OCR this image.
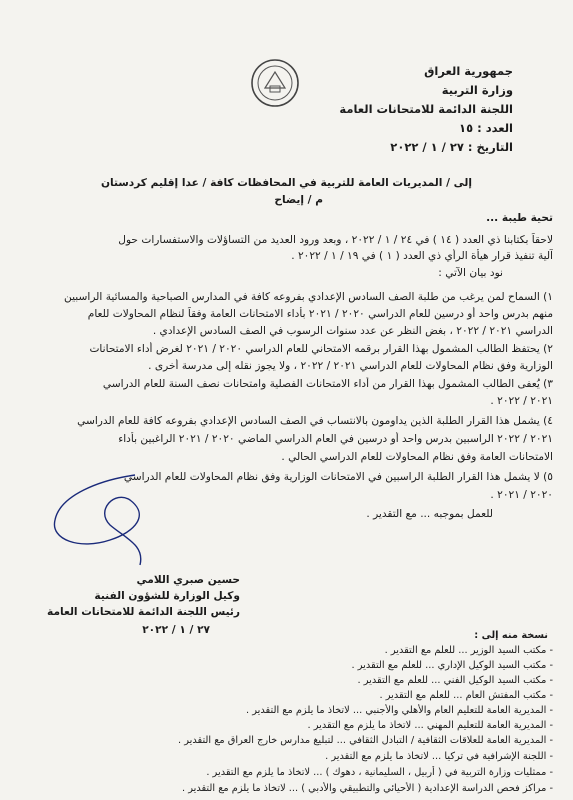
جمهورية العراق
وزارة التربية
اللجنة الدائمة للامتحانات العامة
العدد : ١٥
التاريخ : ٢٧ / ١ / ٢٠٢٢
إلى / المديريات العامة للتربية في المحافظات كافة / عدا إقليم كردستان
م / إيضاح
تحية طيبة ...
لاحقاً بكتابنا ذي العدد ( ١٤ ) في ٢٤ / ١ / ٢٠٢٢ ، وبعد ورود العديد من التساؤلات والاستفسارات حول
آلية تنفيذ قرار هيأة الرأي ذي العدد ( ١ ) في ١٩ / ١ / ٢٠٢٢ .
نود بيان الآتي :
١) السماح لمن يرغب من طلبة الصف السادس الإعدادي بفروعه كافة في المدارس الصباحية والمسائية الراسبين
منهم بدرس واحد أو درسين للعام الدراسي ٢٠٢٠ / ٢٠٢١ بأداء الامتحانات العامة وفقاً لنظام المحاولات للعام
الدراسي ٢٠٢١ / ٢٠٢٢ ، بغض النظر عن عدد سنوات الرسوب في الصف السادس الإعدادي .
٢) يحتفظ الطالب المشمول بهذا القرار برقمه الامتحاني للعام الدراسي ٢٠٢٠ / ٢٠٢١ لغرض أداء الامتحانات
الوزارية وفق نظام المحاولات للعام الدراسي ٢٠٢١ / ٢٠٢٢ ، ولا يجوز نقله إلى مدرسة أخرى .
٣) يُعفى الطالب المشمول بهذا القرار من أداء الامتحانات الفصلية وامتحانات نصف السنة للعام الدراسي
٢٠٢١ / ٢٠٢٢ .
٤) يشمل هذا القرار الطلبة الذين يداومون بالانتساب في الصف السادس الإعدادي بفروعه كافة للعام الدراسي
٢٠٢١ / ٢٠٢٢ الراسبين بدرس واحد أو درسين في العام الدراسي الماضي ٢٠٢٠ / ٢٠٢١ الراغبين بأداء
الامتحانات العامة وفق نظام المحاولات للعام الدراسي الحالي .
٥) لا يشمل هذا القرار الطلبة الراسبين في الامتحانات الوزارية وفق نظام المحاولات للعام الدراسي
٢٠٢٠ / ٢٠٢١ .
للعمل بموجبه ... مع التقدير .
حسين صبري اللامي
وكيل الوزارة للشؤون الفنية
رئيس اللجنة الدائمة للامتحانات العامة
٢٧ / ١ / ٢٠٢٢	نسخة منه إلى :
- مكتب السيد الوزير ... للعلم مع التقدير .
- مكتب السيد الوكيل الإداري ... للعلم مع التقدير .
- مكتب السيد الوكيل الفني ... للعلم مع التقدير .
- مكتب المفتش العام ... للعلم مع التقدير .
- المديرية العامة للتعليم العام والأهلي والأجنبي ... لاتخاذ ما يلزم مع التقدير .
- المديرية العامة للتعليم المهني ... لاتخاذ ما يلزم مع التقدير .
- المديرية العامة للعلاقات الثقافية / التبادل الثقافي ... لتبليغ مدارس خارج العراق مع التقدير .
- اللجنة الإشرافية في تركيا ... لاتخاذ ما يلزم مع التقدير .
- ممثليات وزارة التربية في ( أربيل ، السليمانية ، دهوك ) ... لاتخاذ ما يلزم مع التقدير .
- مراكز فحص الدراسة الإعدادية ( الأحيائي والتطبيقي والأدبي ) ... لاتخاذ ما يلزم مع التقدير .
